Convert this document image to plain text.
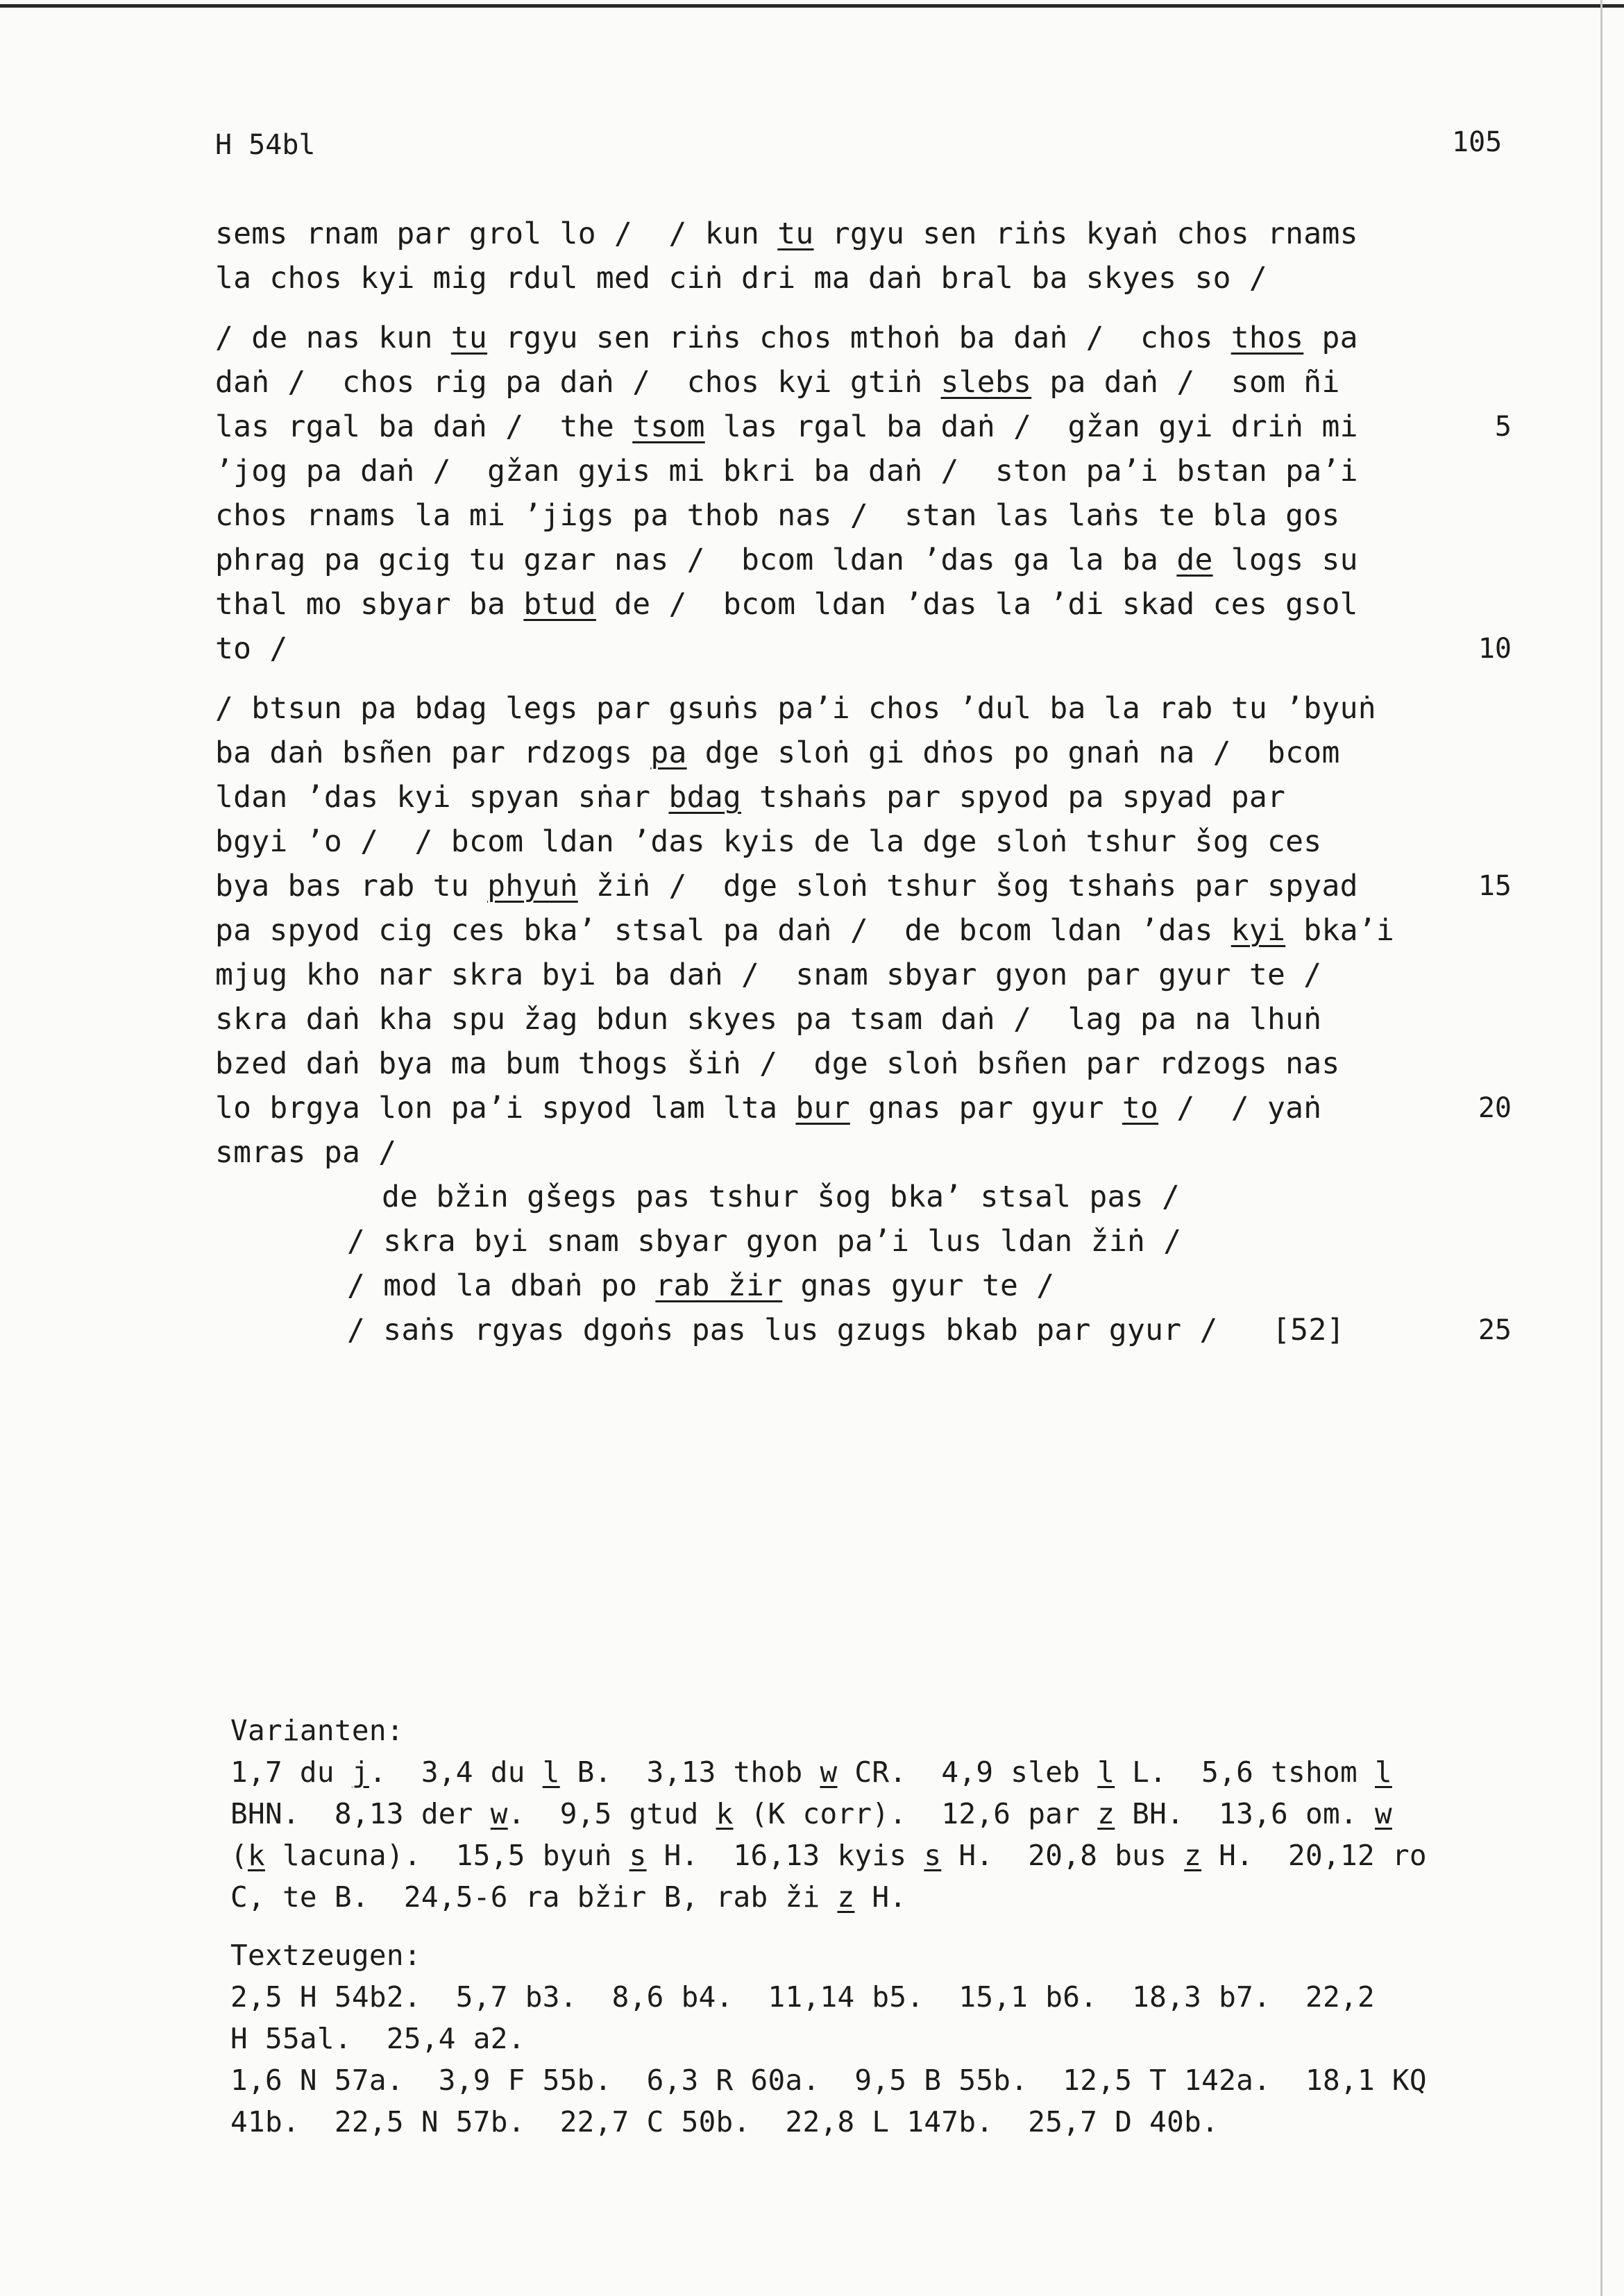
H 54bl	105
sems rnam par grol lo /  / kun tu rgyu sen riṅs kyaṅ chos rnams
la chos kyi mig rdul med ciṅ dri ma daṅ bral ba skyes so /
/ de nas kun tu rgyu sen riṅs chos mthoṅ ba daṅ /  chos thos pa
daṅ /  chos rig pa daṅ /  chos kyi gtiṅ slebs pa daṅ /  som ñi
las rgal ba daṅ /  the tsom las rgal ba daṅ /  gžan gyi driṅ mi
’jog pa daṅ /  gžan gyis mi bkri ba daṅ /  ston pa’i bstan pa’i
chos rnams la mi ’jigs pa thob nas /  stan las laṅs te bla gos
phrag pa gcig tu gzar nas /  bcom ldan ’das ga la ba de logs su
thal mo sbyar ba btud de /  bcom ldan ’das la ’di skad ces gsol
to /
/ btsun pa bdag legs par gsuṅs pa’i chos ’dul ba la rab tu ’byuṅ
ba daṅ bsñen par rdzogs pa dge sloṅ gi dṅos po gnaṅ na /  bcom
ldan ’das kyi spyan sṅar bdag tshaṅs par spyod pa spyad par
bgyi ’o /  / bcom ldan ’das kyis de la dge sloṅ tshur šog ces
bya bas rab tu phyuṅ žiṅ /  dge sloṅ tshur šog tshaṅs par spyad
pa spyod cig ces bka’ stsal pa daṅ /  de bcom ldan ’das kyi bka’i
mjug kho nar skra byi ba daṅ /  snam sbyar gyon par gyur te /
skra daṅ kha spu žag bdun skyes pa tsam daṅ /  lag pa na lhuṅ
bzed daṅ bya ma bum thogs šiṅ /  dge sloṅ bsñen par rdzogs nas
lo brgya lon pa’i spyod lam lta bur gnas par gyur to /  / yaṅ
smras pa /
de bžin gšegs pas tshur šog bka’ stsal pas /
/ skra byi snam sbyar gyon pa’i lus ldan žiṅ /
/ mod la dbaṅ po rab žir gnas gyur te /
/ saṅs rgyas dgoṅs pas lus gzugs bkab par gyur /   [52]
5
10
15
20
25
Varianten:
1,7 du j.  3,4 du l B.  3,13 thob w CR.  4,9 sleb l L.  5,6 tshom l
BHN.  8,13 der w.  9,5 gtud k (K corr).  12,6 par z BH.  13,6 om. w
(k lacuna).  15,5 byuṅ s H.  16,13 kyis s H.  20,8 bus z H.  20,12 ro
C, te B.  24,5-6 ra bžir B, rab ži z H.
Textzeugen:
2,5 H 54b2.  5,7 b3.  8,6 b4.  11,14 b5.  15,1 b6.  18,3 b7.  22,2
H 55al.  25,4 a2.
1,6 N 57a.  3,9 F 55b.  6,3 R 60a.  9,5 B 55b.  12,5 T 142a.  18,1 KQ
41b.  22,5 N 57b.  22,7 C 50b.  22,8 L 147b.  25,7 D 40b.
